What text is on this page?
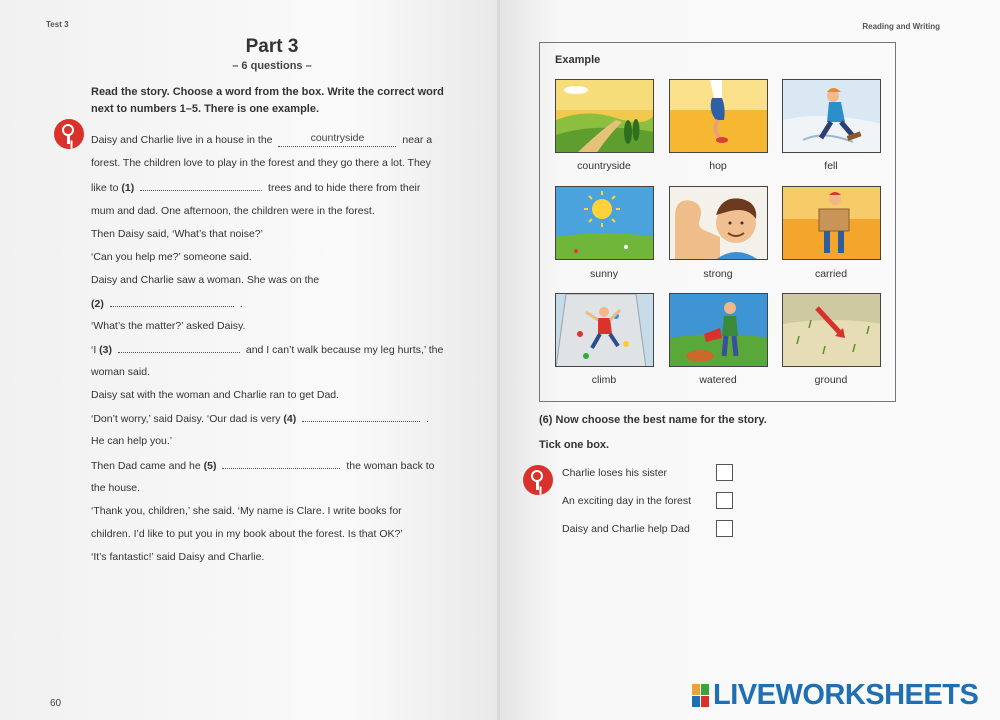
Test 3
Part 3
– 6 questions –
Read the story. Choose a word from the box. Write the correct word next to numbers 1–5. There is one example.
Daisy and Charlie live in a house in the	countryside	near a
forest. The children love to play in the forest and they go there a lot. They
like to (1)	trees and to hide there from their
mum and dad. One afternoon, the children were in the forest.
Then Daisy said, ‘What’s that noise?’
‘Can you help me?’ someone said.
Daisy and Charlie saw a woman. She was on the
(2)	.
‘What’s the matter?’ asked Daisy.
‘I (3)	and I can’t walk because my leg hurts,’ the
woman said.
Daisy sat with the woman and Charlie ran to get Dad.
‘Don’t worry,’ said Daisy. ‘Our dad is very (4)	.
He can help you.’
Then Dad came and he (5)	the woman back to
the house.
‘Thank you, children,’ she said. ‘My name is Clare. I write books for
children. I’d like to put you in my book about the forest. Is that OK?’
‘It’s fantastic!’ said Daisy and Charlie.
60
Reading and Writing
Example
countryside	hop	fell
sunny	strong	carried
climb	watered	ground
(6) Now choose the best name for the story.
Tick one box.
Charlie loses his sister
An exciting day in the forest
Daisy and Charlie help Dad
LIVEWORKSHEETS
